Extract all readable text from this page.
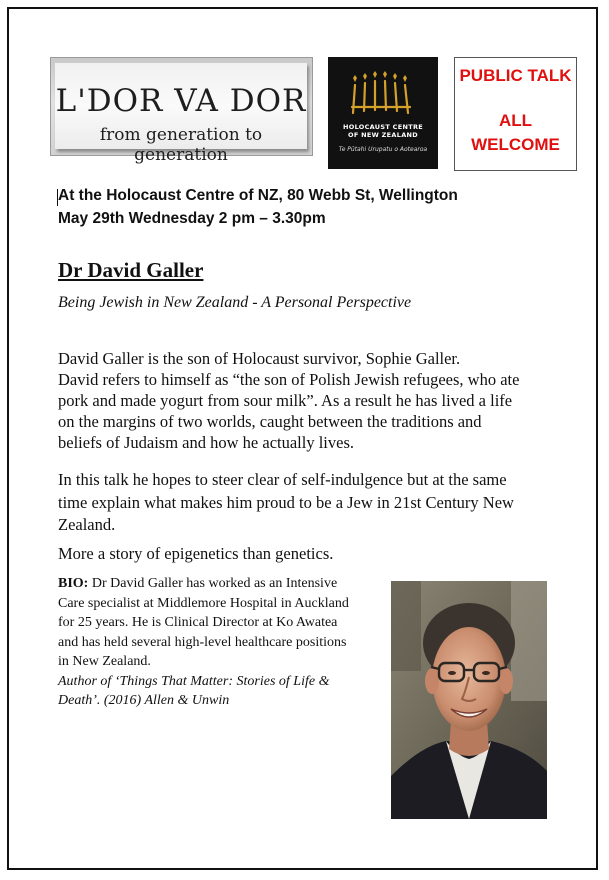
L'DOR VA DOR
from generation to generation
HOLOCAUST CENTRE
OF NEW ZEALAND
Te Pūtahi Urupatu o Aotearoa
PUBLIC TALK
ALL
WELCOME
At the Holocaust Centre of NZ, 80 Webb St, Wellington
May 29th Wednesday 2 pm – 3.30pm
Dr David Galler
Being Jewish in New Zealand - A Personal Perspective
David Galler is the son of Holocaust survivor, Sophie Galler.
David refers to himself as “the son of Polish Jewish refugees, who ate
pork and made yogurt from sour milk”. As a result he has lived a life
on the margins of two worlds, caught between the traditions and
beliefs of Judaism and how he actually lives.
In this talk he hopes to steer clear of self-indulgence but at the same
time explain what makes him proud to be a Jew in 21st Century New
Zealand.
More a story of epigenetics than genetics.
BIO: Dr David Galler has worked as an Intensive
Care specialist at Middlemore Hospital in Auckland
for 25 years. He is Clinical Director at Ko Awatea
and has held several high-level healthcare positions
in New Zealand.
Author of ‘Things That Matter: Stories of Life &
Death’. (2016) Allen & Unwin
